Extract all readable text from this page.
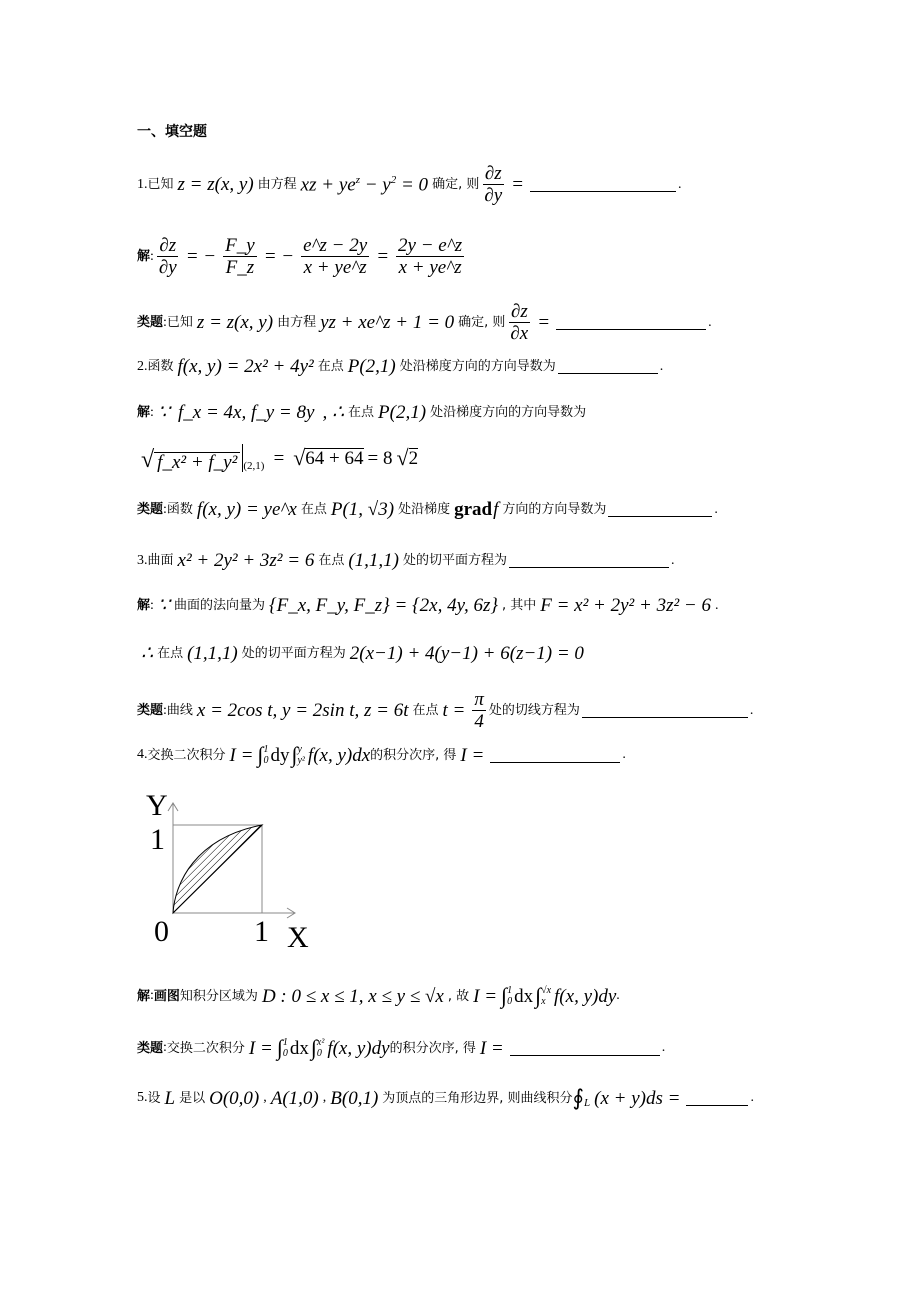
一、填空题
1. 已知 z = z(x, y) 由方程 xz + $ye^z - y^2 = 0$ 确定, 则 $\frac{\partial z}{\partial y}$ =	.
解 : $\frac{\partial z}{\partial y}$ = − $\frac{F\_y}{F\_z}$ = − $\frac{e\^{}z - 2y}{x + ye\^{}z} = \frac{2y - e\^{}z}{x + ye\^{}z}$
类题 : 已知 z = z(x, y) 由方程 yz + xe^z + 1 = 0 确定, 则 $\frac{\partial z}{\partial x}$ =	.
2. 函数 f(x, y) = 2x² + 4y² 在点 P(2,1) 处沿梯度方向的方向导数为	.
解 : ∵ f_x = 4x, f_y = 8y , ∴ 在点 P(2,1) 处沿梯度方向的方向导数为
√ f_x² + f_y² $_{(2,1)}$ = √ 64 + 64 = 8 √ 2
类题 : 函数 f(x, y) = ye^x 在点 P(1, √3) 处沿梯度 grad f 方向的方向导数为	.
3. 曲面 x² + 2y² + 3z² = 6 在点 (1,1,1) 处的切平面方程为	.
解 : ∵ 曲面的法向量为 {F_x, F_y, F_z} = {2x, 4y, 6z} , 其中 F = x² + 2y² + 3z² − 6 .
∴ 在点 (1,1,1) 处的切平面方程为 2(x−1) + 4(y−1) + 6(z−1) = 0
类题 : 曲线 x = 2cos t, y = 2sin t, z = 6t 在点 $t = \frac{\pi}{4}$ 处的切线方程为	.
4. 交换二次积分 I = ∫ 1
0 dy ∫ y
y² f(x, y)dx 的积分次序, 得 I =	.
Y
1
0	1 X
解 : 画图 知积分区域为 D : 0 ≤ x ≤ 1, x ≤ y ≤ √x , 故 I = ∫ 1
0 dx ∫ √x
x f(x, y)dy .
类题 : 交换二次积分 I = ∫ 1
0 dx ∫ x²
0 f(x, y)dy 的积分次序, 得 I =	.
5. 设 L 是以 O(0,0) , A(1,0) , B(0,1) 为顶点的三角形边界, 则曲线积分 $∮_L$ (x + y)ds =	.
